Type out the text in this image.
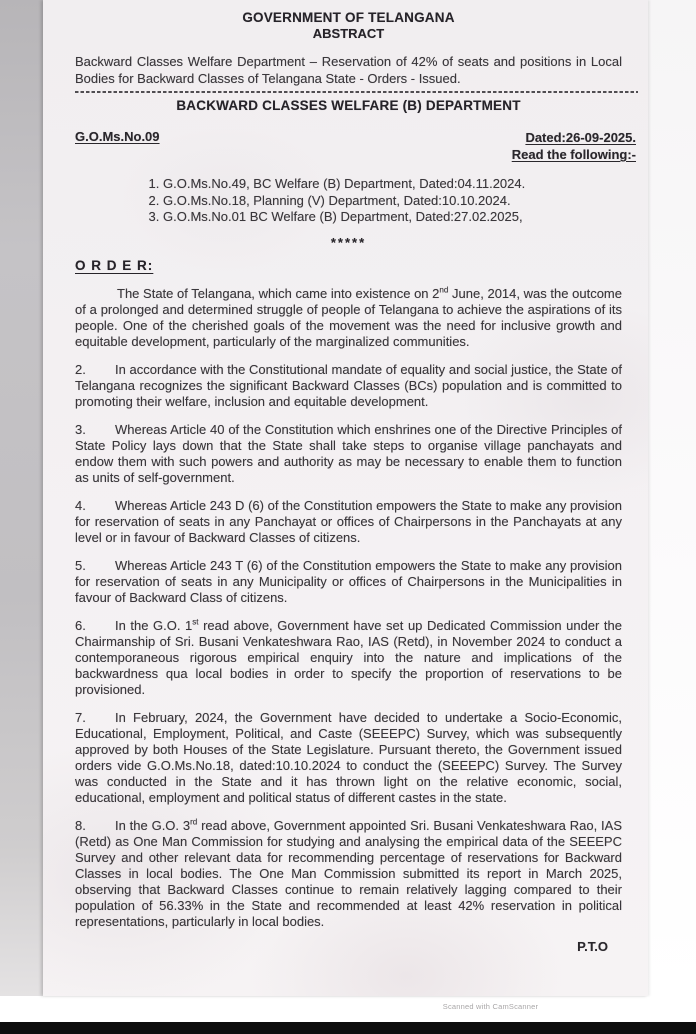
GOVERNMENT OF TELANGANA
ABSTRACT

Backward Classes Welfare Department – Reservation of 42% of seats and positions in Local Bodies for Backward Classes of Telangana State - Orders - Issued.

BACKWARD CLASSES WELFARE (B) DEPARTMENT
G.O.Ms.No.09	Dated:26-09-2025.
Read the following:-
1. G.O.Ms.No.49, BC Welfare (B) Department, Dated:04.11.2024.
2. G.O.Ms.No.18, Planning (V) Department, Dated:10.10.2024.
3. G.O.Ms.No.01 BC Welfare (B) Department, Dated:27.02.2025,
*****
O R D E R:

The State of Telangana, which came into existence on 2nd June, 2014, was the outcome of a prolonged and determined struggle of people of Telangana to achieve the aspirations of its people. One of the cherished goals of the movement was the need for inclusive growth and equitable development, particularly of the marginalized communities.

2. In accordance with the Constitutional mandate of equality and social justice, the State of Telangana recognizes the significant Backward Classes (BCs) population and is committed to promoting their welfare, inclusion and equitable development.

3. Whereas Article 40 of the Constitution which enshrines one of the Directive Principles of State Policy lays down that the State shall take steps to organise village panchayats and endow them with such powers and authority as may be necessary to enable them to function as units of self-government.

4. Whereas Article 243 D (6) of the Constitution empowers the State to make any provision for reservation of seats in any Panchayat or offices of Chairpersons in the Panchayats at any level or in favour of Backward Classes of citizens.

5. Whereas Article 243 T (6) of the Constitution empowers the State to make any provision for reservation of seats in any Municipality or offices of Chairpersons in the Municipalities in favour of Backward Class of citizens.

6. In the G.O. 1st read above, Government have set up Dedicated Commission under the Chairmanship of Sri. Busani Venkateshwara Rao, IAS (Retd), in November 2024 to conduct a contemporaneous rigorous empirical enquiry into the nature and implications of the backwardness qua local bodies in order to specify the proportion of reservations to be provisioned.

7. In February, 2024, the Government have decided to undertake a Socio-Economic, Educational, Employment, Political, and Caste (SEEEPC) Survey, which was subsequently approved by both Houses of the State Legislature. Pursuant thereto, the Government issued orders vide G.O.Ms.No.18, dated:10.10.2024 to conduct the (SEEEPC) Survey. The Survey was conducted in the State and it has thrown light on the relative economic, social, educational, employment and political status of different castes in the state.

8. In the G.O. 3rd read above, Government appointed Sri. Busani Venkateshwara Rao, IAS (Retd) as One Man Commission for studying and analysing the empirical data of the SEEEPC Survey and other relevant data for recommending percentage of reservations for Backward Classes in local bodies. The One Man Commission submitted its report in March 2025, observing that Backward Classes continue to remain relatively lagging compared to their population of 56.33% in the State and recommended at least 42% reservation in political representations, particularly in local bodies.

P.T.O
Scanned with CamScanner
